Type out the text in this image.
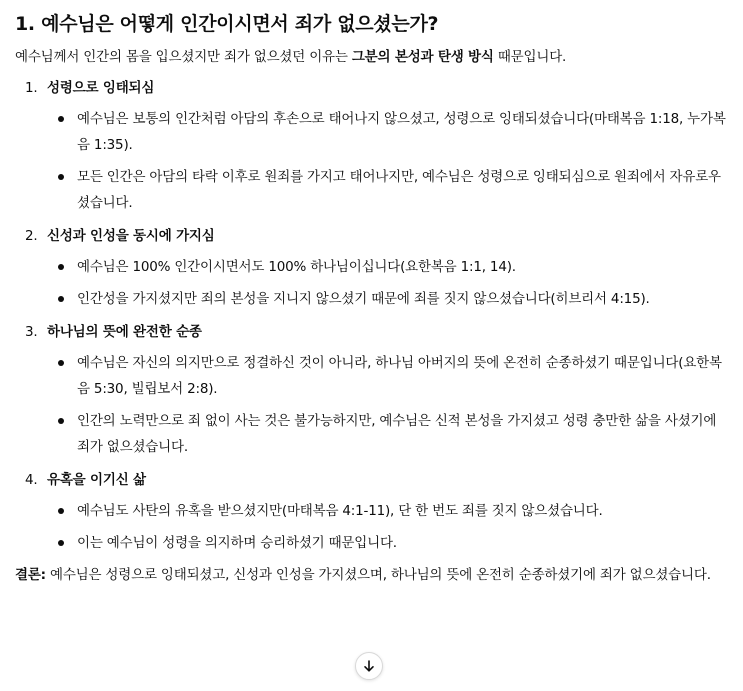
1. 예수님은 어떻게 인간이시면서 죄가 없으셨는가?

예수님께서 인간의 몸을 입으셨지만 죄가 없으셨던 이유는 그분의 본성과 탄생 방식 때문입니다.

1. 성령으로 잉태되심
예수님은 보통의 인간처럼 아담의 후손으로 태어나지 않으셨고, 성령으로 잉태되셨습니다(마태복음 1:18, 누가복음 1:35).
모든 인간은 아담의 타락 이후로 원죄를 가지고 태어나지만, 예수님은 성령으로 잉태되심으로 원죄에서 자유로우셨습니다.
2. 신성과 인성을 동시에 가지심
예수님은 100% 인간이시면서도 100% 하나님이십니다(요한복음 1:1, 14).
인간성을 가지셨지만 죄의 본성을 지니지 않으셨기 때문에 죄를 짓지 않으셨습니다(히브리서 4:15).
3. 하나님의 뜻에 완전한 순종
예수님은 자신의 의지만으로 정결하신 것이 아니라, 하나님 아버지의 뜻에 온전히 순종하셨기 때문입니다(요한복음 5:30, 빌립보서 2:8).
인간의 노력만으로 죄 없이 사는 것은 불가능하지만, 예수님은 신적 본성을 가지셨고 성령 충만한 삶을 사셨기에 죄가 없으셨습니다.
4. 유혹을 이기신 삶
예수님도 사탄의 유혹을 받으셨지만(마태복음 4:1-11), 단 한 번도 죄를 짓지 않으셨습니다.
이는 예수님이 성령을 의지하며 승리하셨기 때문입니다.

결론: 예수님은 성령으로 잉태되셨고, 신성과 인성을 가지셨으며, 하나님의 뜻에 온전히 순종하셨기에 죄가 없으셨습니다.
